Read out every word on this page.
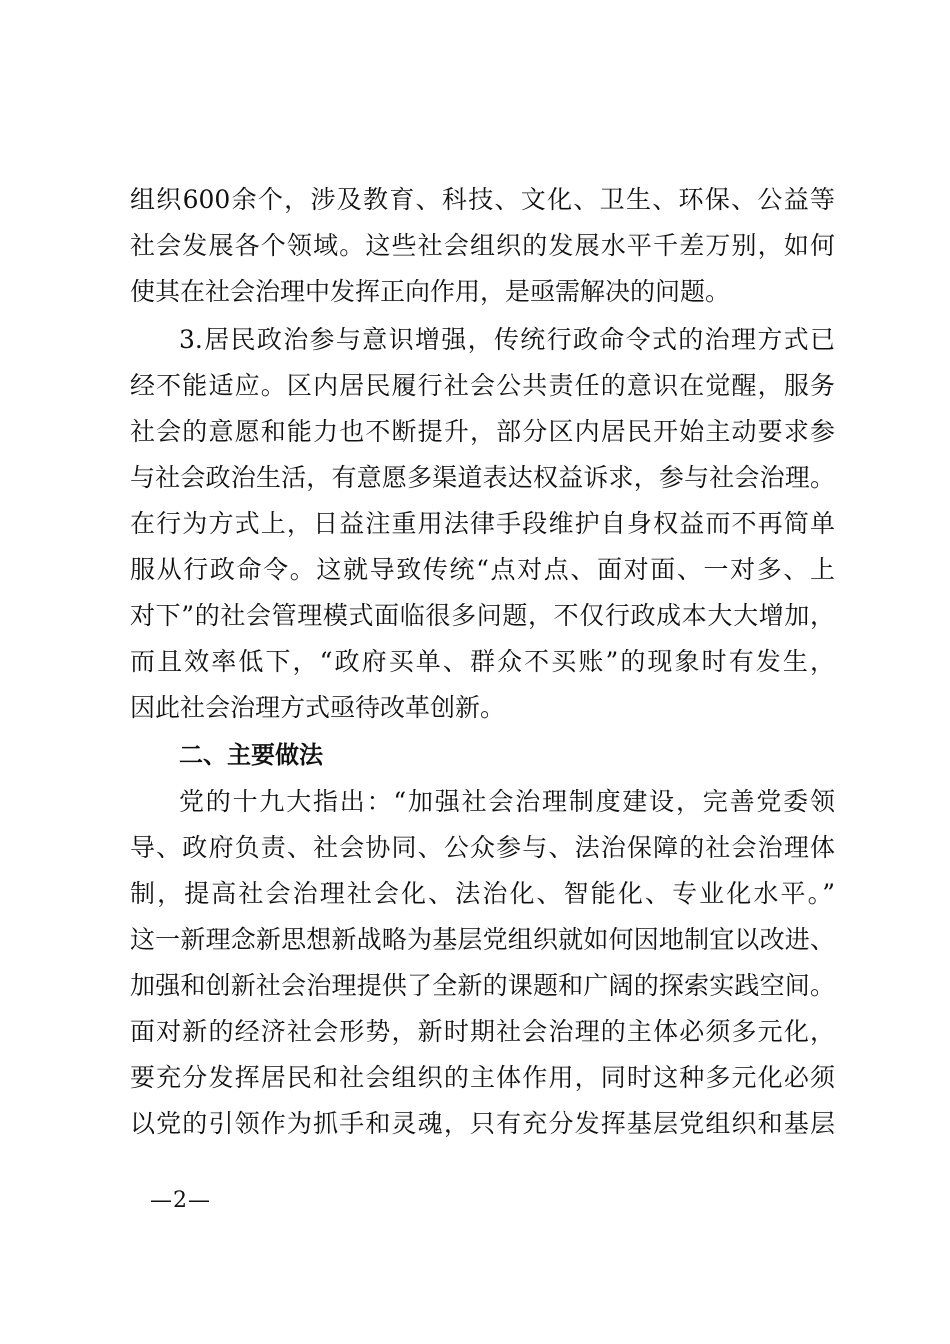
组织600余个，涉及教育、科技、文化、卫生、环保、公益等
社会发展各个领域。这些社会组织的发展水平千差万别，如何
使其在社会治理中发挥正向作用，是亟需解决的问题。
3.居民政治参与意识增强，传统行政命令式的治理方式已
经不能适应。区内居民履行社会公共责任的意识在觉醒，服务
社会的意愿和能力也不断提升，部分区内居民开始主动要求参
与社会政治生活，有意愿多渠道表达权益诉求，参与社会治理。
在行为方式上，日益注重用法律手段维护自身权益而不再简单
服从行政命令。这就导致传统“点对点、面对面、一对多、上
对下”的社会管理模式面临很多问题，不仅行政成本大大增加，
而且效率低下，“政府买单、群众不买账”的现象时有发生，
因此社会治理方式亟待改革创新。
二、主要做法
党的十九大指出：“加强社会治理制度建设，完善党委领
导、政府负责、社会协同、公众参与、法治保障的社会治理体
制，提高社会治理社会化、法治化、智能化、专业化水平。”
这一新理念新思想新战略为基层党组织就如何因地制宜以改进、
加强和创新社会治理提供了全新的课题和广阔的探索实践空间。
面对新的经济社会形势，新时期社会治理的主体必须多元化，
要充分发挥居民和社会组织的主体作用，同时这种多元化必须
以党的引领作为抓手和灵魂，只有充分发挥基层党组织和基层
—2—
